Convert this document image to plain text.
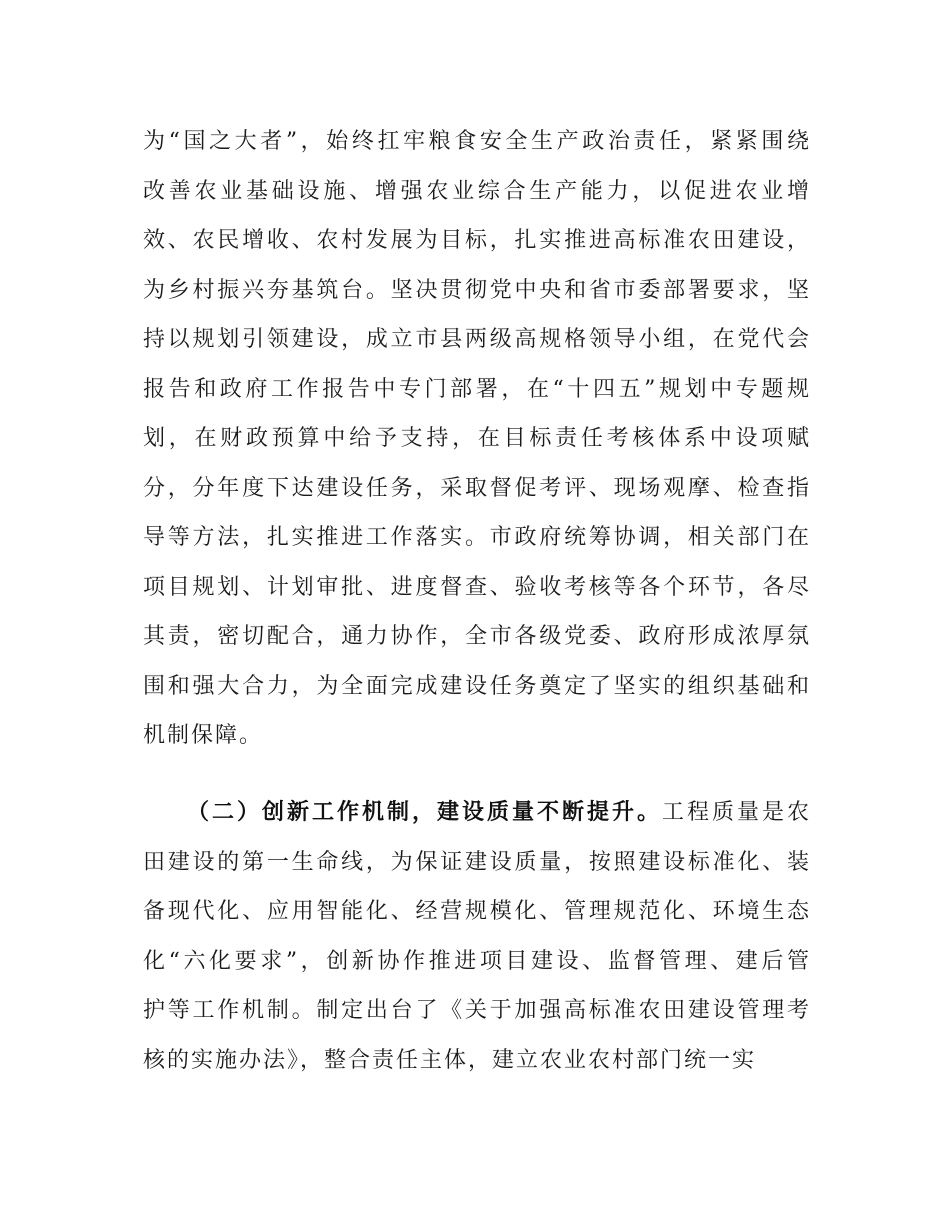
为“国之大者”，始终扛牢粮食安全生产政治责任，紧紧围绕
改善农业基础设施、增强农业综合生产能力，以促进农业增
效、农民增收、农村发展为目标，扎实推进高标准农田建设，
为乡村振兴夯基筑台。坚决贯彻党中央和省市委部署要求，坚
持以规划引领建设，成立市县两级高规格领导小组，在党代会
报告和政府工作报告中专门部署，在“十四五”规划中专题规
划，在财政预算中给予支持，在目标责任考核体系中设项赋
分，分年度下达建设任务，采取督促考评、现场观摩、检查指
导等方法，扎实推进工作落实。市政府统筹协调，相关部门在
项目规划、计划审批、进度督查、验收考核等各个环节，各尽
其责，密切配合，通力协作，全市各级党委、政府形成浓厚氛
围和强大合力，为全面完成建设任务奠定了坚实的组织基础和
机制保障。
（二）创新工作机制，建设质量不断提升。工程质量是农
田建设的第一生命线，为保证建设质量，按照建设标准化、装
备现代化、应用智能化、经营规模化、管理规范化、环境生态
化“六化要求”，创新协作推进项目建设、监督管理、建后管
护等工作机制。制定出台了《关于加强高标准农田建设管理考
核的实施办法》，整合责任主体，建立农业农村部门统一实
